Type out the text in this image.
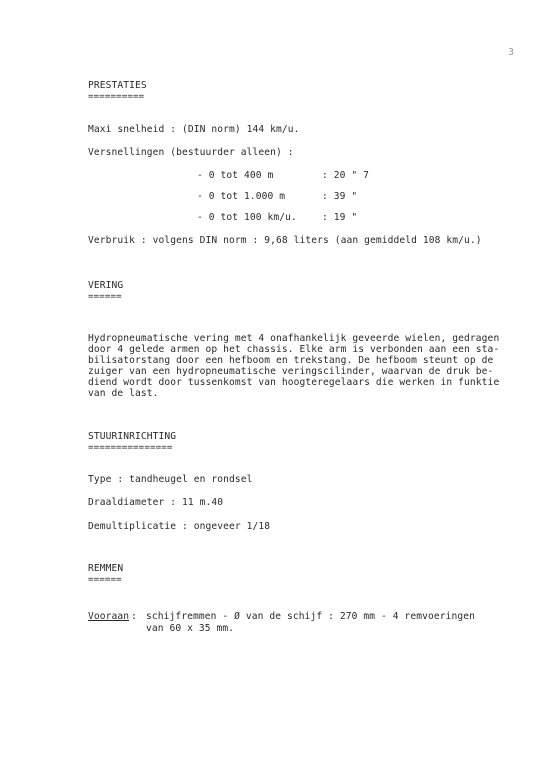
3
PRESTATIES
==========
Maxi snelheid : (DIN norm) 144 km/u.
Versnellingen (bestuurder alleen) :
- 0 tot 400 m	: 20 " 7
- 0 tot 1.000 m	: 39 "
- 0 tot 100 km/u.	: 19 "
Verbruik : volgens DIN norm : 9,68 liters (aan gemiddeld 108 km/u.)
VERING
======
Hydropneumatische vering met 4 onafhankelijk geveerde wielen, gedragen
door 4 gelede armen op het chassis. Elke arm is verbonden aan een sta-
bilisatorstang door een hefboom en trekstang. De hefboom steunt op de
zuiger van een hydropneumatische veringscilinder, waarvan de druk be-
diend wordt door tussenkomst van hoogteregelaars die werken in funktie
van de last.
STUURINRICHTING
===============
Type : tandheugel en rondsel
Draaldiameter : 11 m.40
Demultiplicatie : ongeveer 1/18
REMMEN
======
Vooraan : schijfremmen - Ø van de schijf : 270 mm - 4 remvoeringen
van 60 x 35 mm.
